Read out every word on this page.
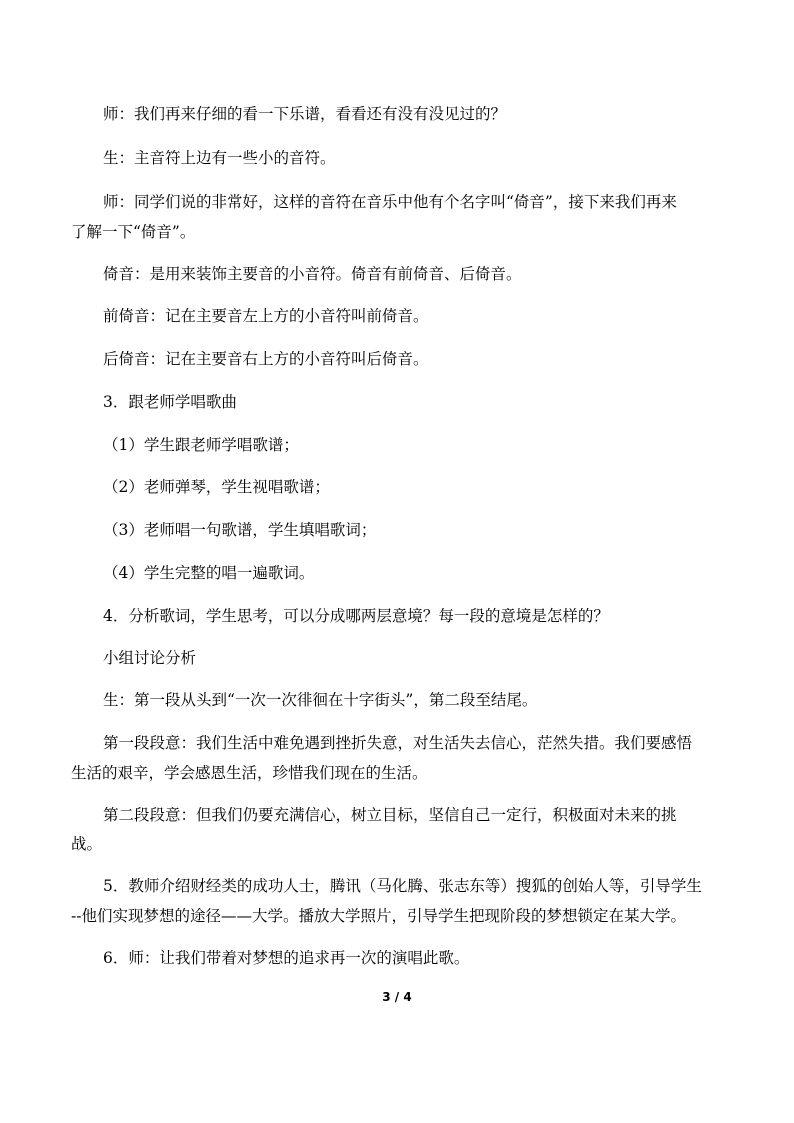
师：我们再来仔细的看一下乐谱，看看还有没有没见过的？
生：主音符上边有一些小的音符。
师：同学们说的非常好，这样的音符在音乐中他有个名字叫“倚音”，接下来我们再来
了解一下“倚音”。
倚音：是用来装饰主要音的小音符。倚音有前倚音、后倚音。
前倚音：记在主要音左上方的小音符叫前倚音。
后倚音：记在主要音右上方的小音符叫后倚音。
3．跟老师学唱歌曲
（1）学生跟老师学唱歌谱；
（2）老师弹琴，学生视唱歌谱；
（3）老师唱一句歌谱，学生填唱歌词；
（4）学生完整的唱一遍歌词。
4．分析歌词，学生思考，可以分成哪两层意境？每一段的意境是怎样的？
小组讨论分析
生：第一段从头到“一次一次徘徊在十字街头”，第二段至结尾。
第一段段意：我们生活中难免遇到挫折失意，对生活失去信心，茫然失措。我们要感悟
生活的艰辛，学会感恩生活，珍惜我们现在的生活。
第二段段意：但我们仍要充满信心，树立目标，坚信自己一定行，积极面对未来的挑
战。
5．教师介绍财经类的成功人士，腾讯（马化腾、张志东等）搜狐的创始人等，引导学生
--他们实现梦想的途径——大学。播放大学照片，引导学生把现阶段的梦想锁定在某大学。
6．师：让我们带着对梦想的追求再一次的演唱此歌。
3 / 4
